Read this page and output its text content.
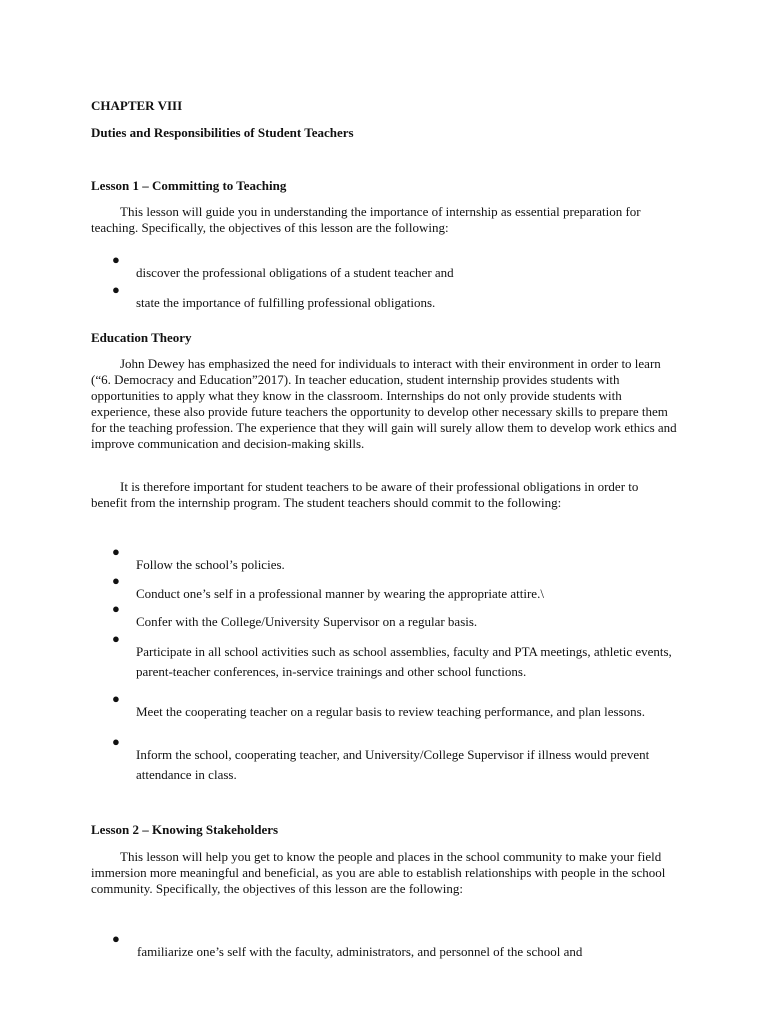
CHAPTER VIII

Duties and Responsibilities of Student Teachers

Lesson 1 – Committing to Teaching

This lesson will guide you in understanding the importance of internship as essential preparation for teaching. Specifically, the objectives of this lesson are the following:

●

discover the professional obligations of a student teacher and

●

state the importance of fulfilling professional obligations.

Education Theory

John Dewey has emphasized the need for individuals to interact with their environment in order to learn (“6. Democracy and Education”2017). In teacher education, student internship provides students with opportunities to apply what they know in the classroom. Internships do not only provide students with experience, these also provide future teachers the opportunity to develop other necessary skills to prepare them for the teaching profession. The experience that they will gain will surely allow them to develop work ethics and improve communication and decision-making skills.

It is therefore important for student teachers to be aware of their professional obligations in order to benefit from the internship program. The student teachers should commit to the following:

●

Follow the school’s policies.

●

Conduct one’s self in a professional manner by wearing the appropriate attire.\

●

Confer with the College/University Supervisor on a regular basis.

●

Participate in all school activities such as school assemblies, faculty and PTA meetings, athletic events, parent-teacher conferences, in-service trainings and other school functions.

●

Meet the cooperating teacher on a regular basis to review teaching performance, and plan lessons.

●

Inform the school, cooperating teacher, and University/College Supervisor if illness would prevent attendance in class.

Lesson 2 – Knowing Stakeholders

This lesson will help you get to know the people and places in the school community to make your field immersion more meaningful and beneficial, as you are able to establish relationships with people in the school community. Specifically, the objectives of this lesson are the following:

●

familiarize one’s self with the faculty, administrators, and personnel of the school and
